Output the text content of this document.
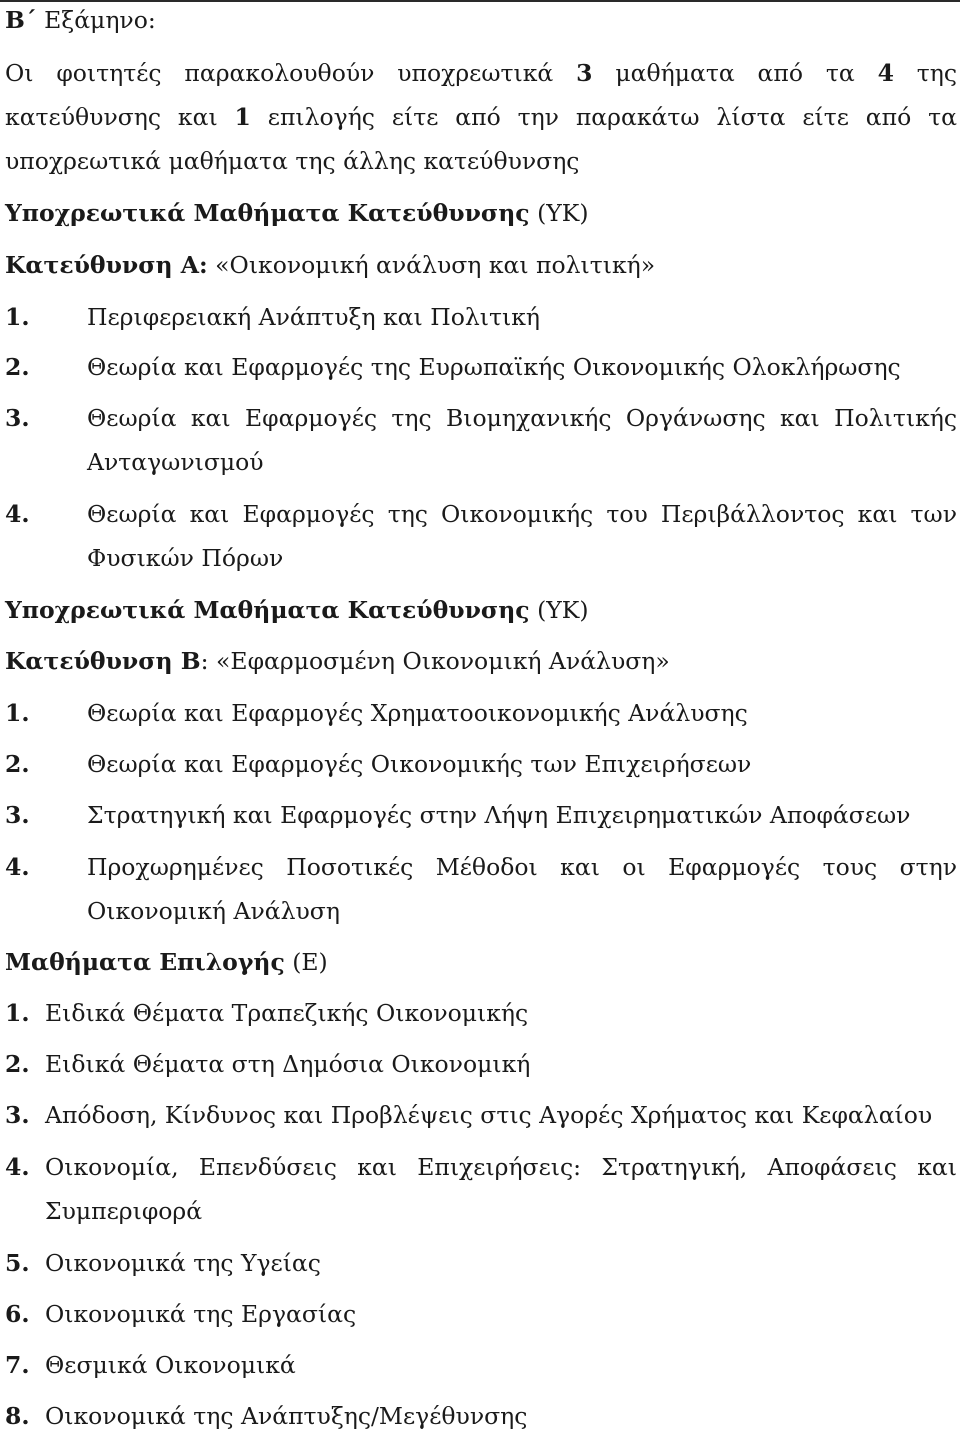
Β΄ Εξάμηνο:
Οι φοιτητές παρακολουθούν υποχρεωτικά 3 μαθήματα από τα 4 της
κατεύθυνσης και 1 επιλογής είτε από την παρακάτω λίστα είτε από τα
υποχρεωτικά μαθήματα της άλλης κατεύθυνσης
Υποχρεωτικά Μαθήματα Κατεύθυνσης (ΥΚ)
Κατεύθυνση Α: «Οικονομική ανάλυση και πολιτική»
1. Περιφερειακή Ανάπτυξη και Πολιτική
2. Θεωρία και Εφαρμογές της Ευρωπαϊκής Οικονομικής Ολοκλήρωσης
3. Θεωρία και Εφαρμογές της Βιομηχανικής Οργάνωσης και Πολιτικής
Ανταγωνισμού
4. Θεωρία και Εφαρμογές της Οικονομικής του Περιβάλλοντος και των
Φυσικών Πόρων
Υποχρεωτικά Μαθήματα Κατεύθυνσης (ΥΚ)
Κατεύθυνση Β: «Εφαρμοσμένη Οικονομική Ανάλυση»
1. Θεωρία και Εφαρμογές Χρηματοοικονομικής Ανάλυσης
2. Θεωρία και Εφαρμογές Οικονομικής των Επιχειρήσεων
3. Στρατηγική και Εφαρμογές στην Λήψη Επιχειρηματικών Αποφάσεων
4. Προχωρημένες Ποσοτικές Μέθοδοι και οι Εφαρμογές τους στην
Οικονομική Ανάλυση
Μαθήματα Επιλογής (Ε)
1. Ειδικά Θέματα Τραπεζικής Οικονομικής
2. Ειδικά Θέματα στη Δημόσια Οικονομική
3. Απόδοση, Κίνδυνος και Προβλέψεις στις Αγορές Χρήματος και Κεφαλαίου
4. Οικονομία, Επενδύσεις και Επιχειρήσεις: Στρατηγική, Αποφάσεις και
Συμπεριφορά
5. Οικονομικά της Υγείας
6. Οικονομικά της Εργασίας
7. Θεσμικά Οικονομικά
8. Οικονομικά της Ανάπτυξης/Μεγέθυνσης
